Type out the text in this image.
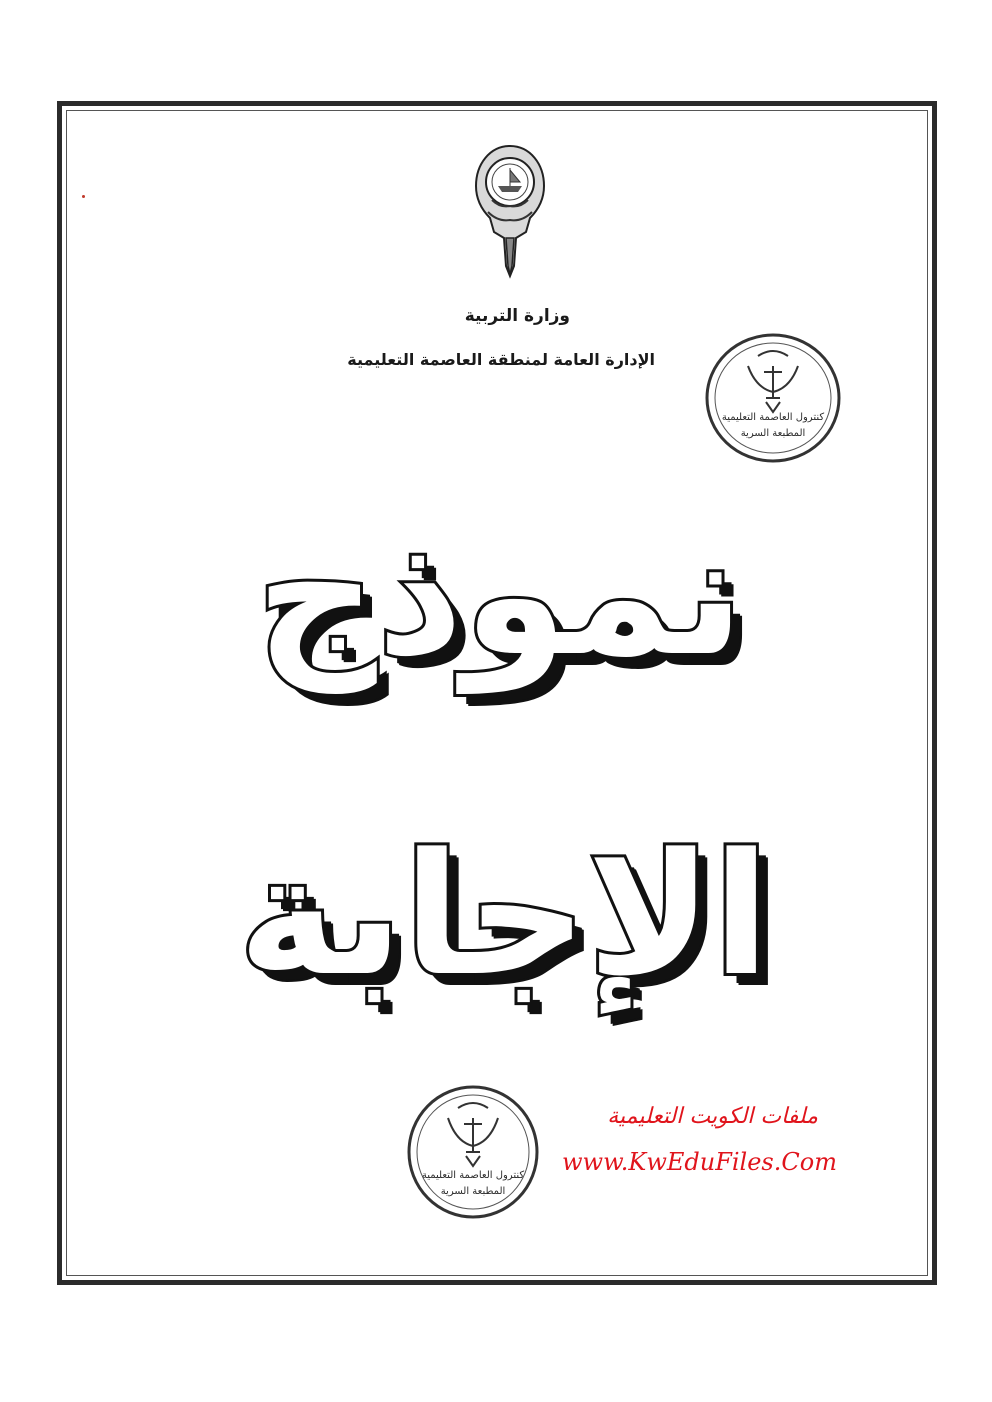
وزارة التربية
الإدارة العامة لمنطقة العاصمة التعليمية
كنترول العاصمة التعليمية
المطبعة السرية
نموذج
الإجابة
كنترول العاصمة التعليمية
المطبعة السرية
ملفات الكويت التعليمية
www.KwEduFiles.Com
